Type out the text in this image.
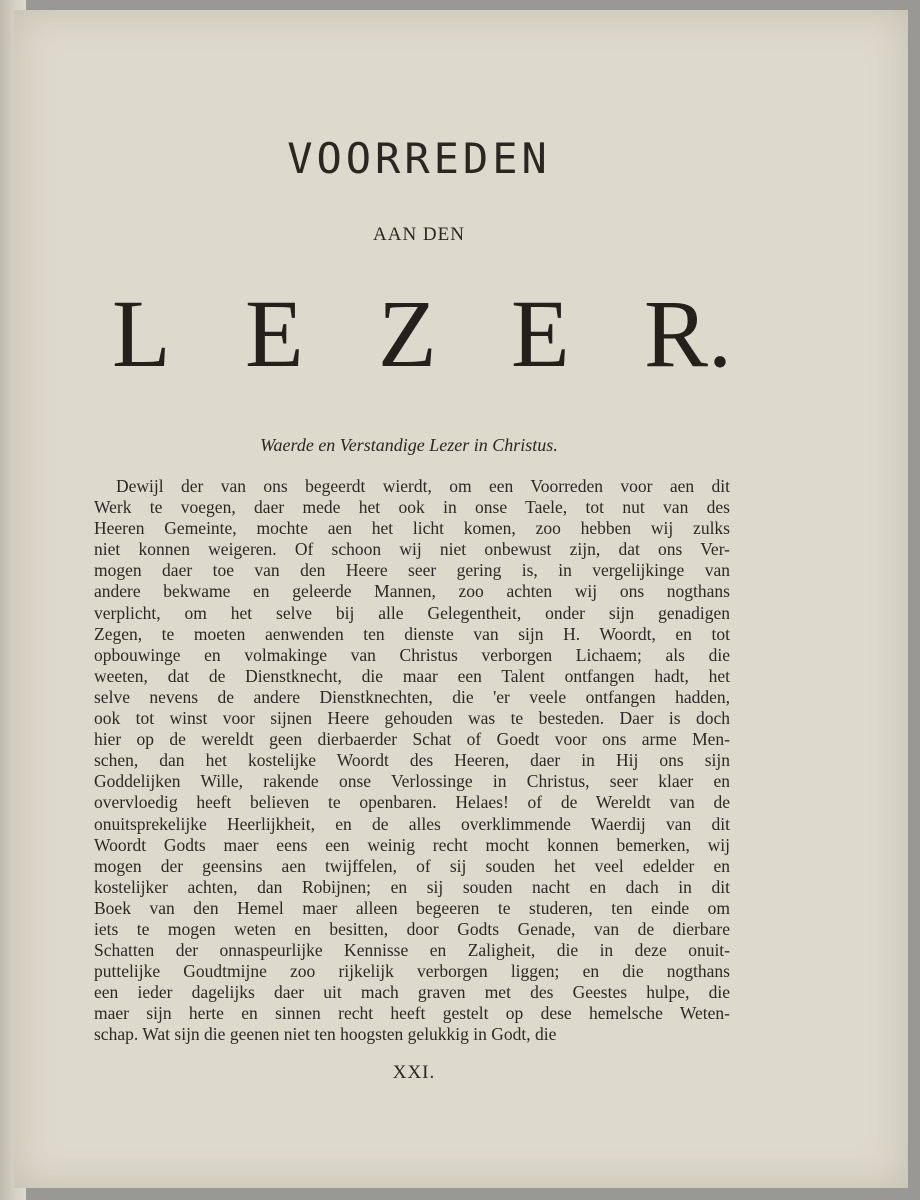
VOORREDEN
AAN DEN
L E Z E R.
Waerde en Verstandige Lezer in Christus.
Dewijl der van ons begeerdt wierdt, om een Voorreden voor aen dit
Werk te voegen, daer mede het ook in onse Taele, tot nut van des
Heeren Gemeinte, mochte aen het licht komen, zoo hebben wij zulks
niet konnen weigeren. Of schoon wij niet onbewust zijn, dat ons Ver-
mogen daer toe van den Heere seer gering is, in vergelijkinge van
andere bekwame en geleerde Mannen, zoo achten wij ons nogthans
verplicht, om het selve bij alle Gelegentheit, onder sijn genadigen
Zegen, te moeten aenwenden ten dienste van sijn H. Woordt, en tot
opbouwinge en volmakinge van Christus verborgen Lichaem; als die
weeten, dat de Dienstknecht, die maar een Talent ontfangen hadt, het
selve nevens de andere Dienstknechten, die 'er veele ontfangen hadden,
ook tot winst voor sijnen Heere gehouden was te besteden. Daer is doch
hier op de wereldt geen dierbaerder Schat of Goedt voor ons arme Men-
schen, dan het kostelijke Woordt des Heeren, daer in Hij ons sijn
Goddelijken Wille, rakende onse Verlossinge in Christus, seer klaer en
overvloedig heeft believen te openbaren. Helaes! of de Wereldt van de
onuitsprekelijke Heerlijkheit, en de alles overklimmende Waerdij van dit
Woordt Godts maer eens een weinig recht mocht konnen bemerken, wij
mogen der geensins aen twijffelen, of sij souden het veel edelder en
kostelijker achten, dan Robijnen; en sij souden nacht en dach in dit
Boek van den Hemel maer alleen begeeren te studeren, ten einde om
iets te mogen weten en besitten, door Godts Genade, van de dierbare
Schatten der onnaspeurlijke Kennisse en Zaligheit, die in deze onuit-
puttelijke Goudtmijne zoo rijkelijk verborgen liggen; en die nogthans
een ieder dagelijks daer uit mach graven met des Geestes hulpe, die
maer sijn herte en sinnen recht heeft gestelt op dese hemelsche Weten-
schap. Wat sijn die geenen niet ten hoogsten gelukkig in Godt, die
XXI.
